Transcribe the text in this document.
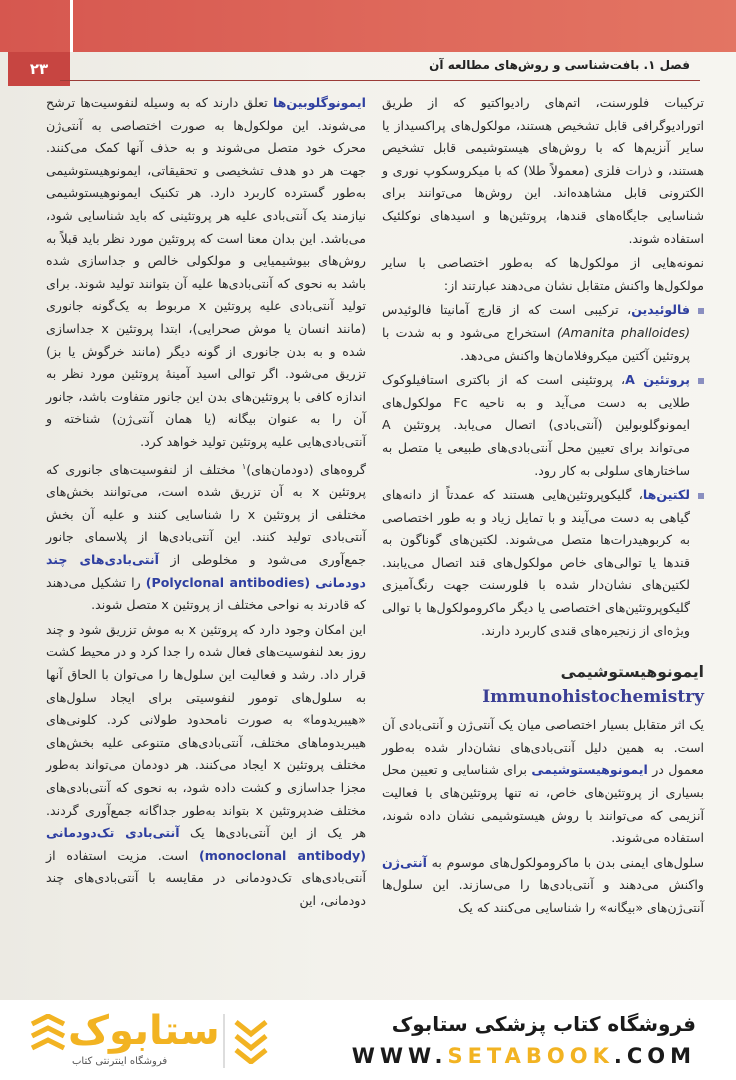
۲۳	فصل ۱. بافت‌شناسی و روش‌های مطالعه آن

ترکیبات فلورسنت، اتم‌های رادیواکتیو که از طریق اتورادیوگرافی قابل تشخیص هستند، مولکول‌های پراکسیداز یا سایر آنزیم‌ها که با روش‌های هیستوشیمی قابل تشخیص هستند، و ذرات فلزی (معمولاً طلا) که با میکروسکوپ نوری و الکترونی قابل مشاهده‌اند. این روش‌ها می‌توانند برای شناسایی جایگاه‌های قندها، پروتئین‌ها و اسیدهای نوکلئیک استفاده شوند.

نمونه‌هایی از مولکول‌ها که به‌طور اختصاصی با سایر مولکول‌ها واکنش متقابل نشان می‌دهند عبارتند از:

فالوئیدین، ترکیبی است که از قارچ آمانیتا فالوئیدس (Amanita phalloides) استخراج می‌شود و به شدت با پروتئین آکتین میکروفلامان‌ها واکنش می‌دهد.

پروتئین A، پروتئینی است که از باکتری استافیلوکوک طلایی به دست می‌آید و به ناحیه Fc مولکول‌های ایمونوگلوبولین (آنتی‌بادی) اتصال می‌یابد. پروتئین A می‌تواند برای تعیین محل آنتی‌بادی‌های طبیعی یا متصل به ساختارهای سلولی به کار رود.

لکتین‌ها، گلیکوپروتئین‌هایی هستند که عمدتاً از دانه‌های گیاهی به دست می‌آیند و با تمایل زیاد و به طور اختصاصی به کربوهیدرات‌ها متصل می‌شوند. لکتین‌های گوناگون به قندها یا توالی‌های خاص مولکول‌های قند اتصال می‌یابند. لکتین‌های نشان‌دار شده با فلورسنت جهت رنگ‌آمیزی گلیکوپروتئین‌های اختصاصی یا دیگر ماکرومولکول‌ها با توالی ویژه‌ای از زنجیره‌های قندی کاربرد دارند.

ایمونوهیستوشیمی
Immunohistochemistry

یک اثر متقابل بسیار اختصاصی میان یک آنتی‌ژن و آنتی‌بادی آن است. به همین دلیل آنتی‌بادی‌های نشان‌دار شده به‌طور معمول در ایمونوهیستوشیمی برای شناسایی و تعیین محل بسیاری از پروتئین‌های خاص، نه تنها پروتئین‌های با فعالیت آنزیمی که می‌توانند با روش هیستوشیمی نشان داده شوند، استفاده می‌شوند.

سلول‌های ایمنی بدن با ماکرومولکول‌های موسوم به آنتی‌ژن واکنش می‌دهند و آنتی‌بادی‌ها را می‌سازند. این سلول‌ها آنتی‌ژن‌های «بیگانه» را شناسایی می‌کنند که یک

ایمونوگلوبین‌ها تعلق دارند که به وسیله لنفوسیت‌ها ترشح می‌شوند. این مولکول‌ها به صورت اختصاصی به آنتی‌ژن محرک خود متصل می‌شوند و به حذف آنها کمک می‌کنند. جهت هر دو هدف تشخیصی و تحقیقاتی، ایمونوهیستوشیمی به‌طور گسترده کاربرد دارد. هر تکنیک ایمونوهیستوشیمی نیازمند یک آنتی‌بادی علیه هر پروتئینی که باید شناسایی شود، می‌باشد. این بدان معنا است که پروتئین مورد نظر باید قبلاً به روش‌های بیوشیمیایی و مولکولی خالص و جداسازی شده باشد به نحوی که آنتی‌بادی‌ها علیه آن بتوانند تولید شوند. برای تولید آنتی‌بادی علیه پروتئین x مربوط به یک‌گونه جانوری (مانند انسان یا موش صحرایی)، ابتدا پروتئین x جداسازی شده و به بدن جانوری از گونه دیگر (مانند خرگوش یا بز) تزریق می‌شود. اگر توالی اسید آمینهٔ پروتئین مورد نظر به اندازه کافی با پروتئین‌های بدن این جانور متفاوت باشد، جانور آن را به عنوان بیگانه (یا همان آنتی‌ژن) شناخته و آنتی‌بادی‌هایی علیه پروتئین تولید خواهد کرد.

گروه‌های (دودمان‌های)$^۱$ مختلف از لنفوسیت‌های جانوری که پروتئین x به آن تزریق شده است، می‌توانند بخش‌های مختلفی از پروتئین x را شناسایی کنند و علیه آن بخش آنتی‌بادی تولید کنند. این آنتی‌بادی‌ها از پلاسمای جانور جمع‌آوری می‌شود و مخلوطی از آنتی‌بادی‌های چند دودمانی (Polyclonal antibodies) را تشکیل می‌دهند که قادرند به نواحی مختلف از پروتئین x متصل شوند.

این امکان وجود دارد که پروتئین x به موش تزریق شود و چند روز بعد لنفوسیت‌های فعال شده را جدا کرد و در محیط کشت قرار داد. رشد و فعالیت این سلول‌ها را می‌توان با الحاق آنها به سلول‌های تومور لنفوسیتی برای ایجاد سلول‌های «هیبریدوما» به صورت نامحدود طولانی کرد. کلونی‌های هیبریدوماهای مختلف، آنتی‌بادی‌های متنوعی علیه بخش‌های مختلف پروتئین x ایجاد می‌کنند. هر دودمان می‌تواند به‌طور مجزا جداسازی و کشت داده شود، به نحوی که آنتی‌بادی‌های مختلف ضدپروتئین x بتواند به‌طور جداگانه جمع‌آوری گردند. هر یک از این آنتی‌بادی‌ها یک آنتی‌بادی تک‌دودمانی (monoclonal antibody) است. مزیت استفاده از آنتی‌بادی‌های تک‌دودمانی در مقایسه با آنتی‌بادی‌های چند دودمانی، این

ستابوک
فروشگاه اینترنتی کتاب
فروشگاه کتاب پزشکی ستابوک
WWW.SETABOOK.COM
